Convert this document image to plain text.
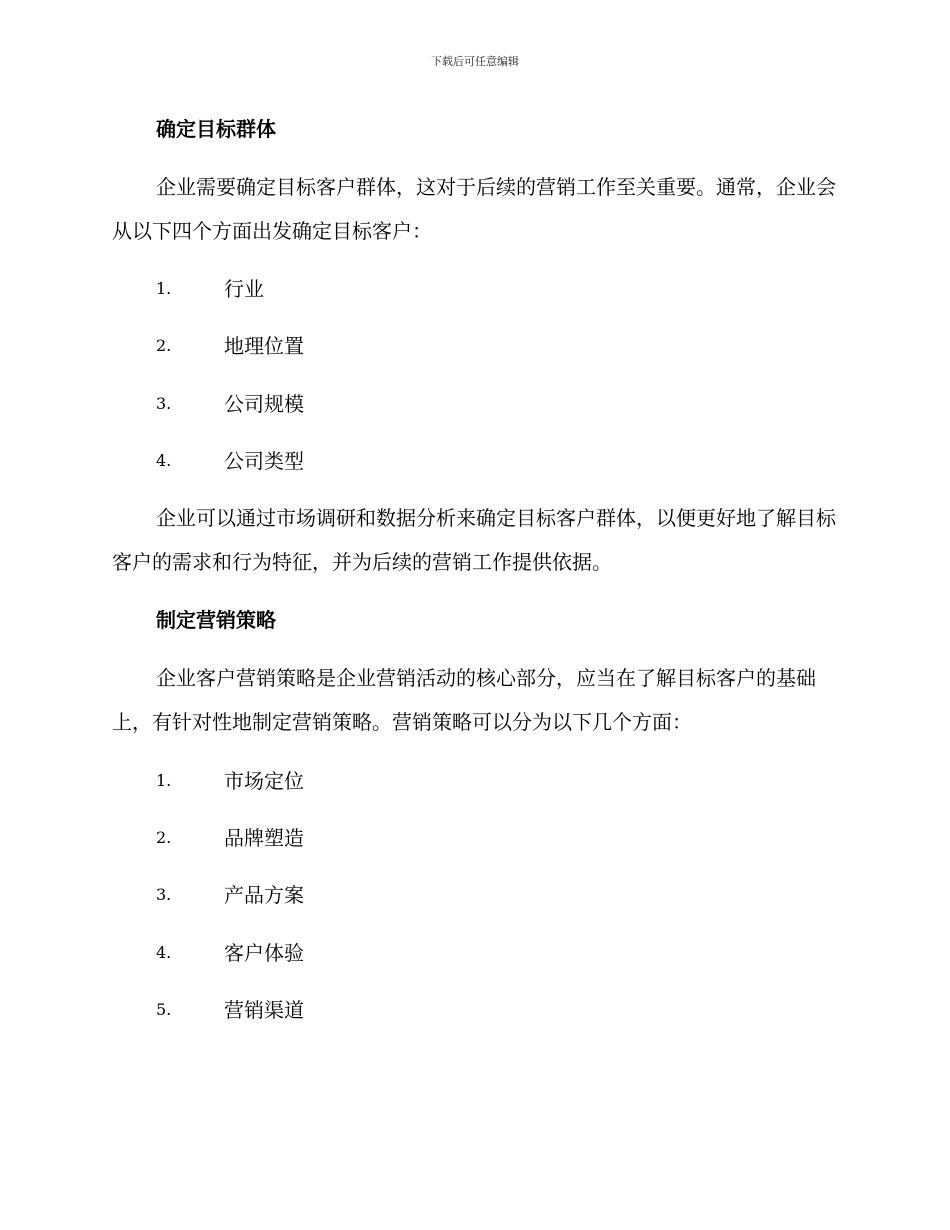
下载后可任意编辑
确定目标群体
企业需要确定目标客户群体，这对于后续的营销工作至关重要。通常，企业会从以下四个方面出发确定目标客户：
1.	行业
2.	地理位置
3.	公司规模
4.	公司类型
企业可以通过市场调研和数据分析来确定目标客户群体，以便更好地了解目标客户的需求和行为特征，并为后续的营销工作提供依据。
制定营销策略
企业客户营销策略是企业营销活动的核心部分，应当在了解目标客户的基础上，有针对性地制定营销策略。营销策略可以分为以下几个方面：
1.	市场定位
2.	品牌塑造
3.	产品方案
4.	客户体验
5.	营销渠道
